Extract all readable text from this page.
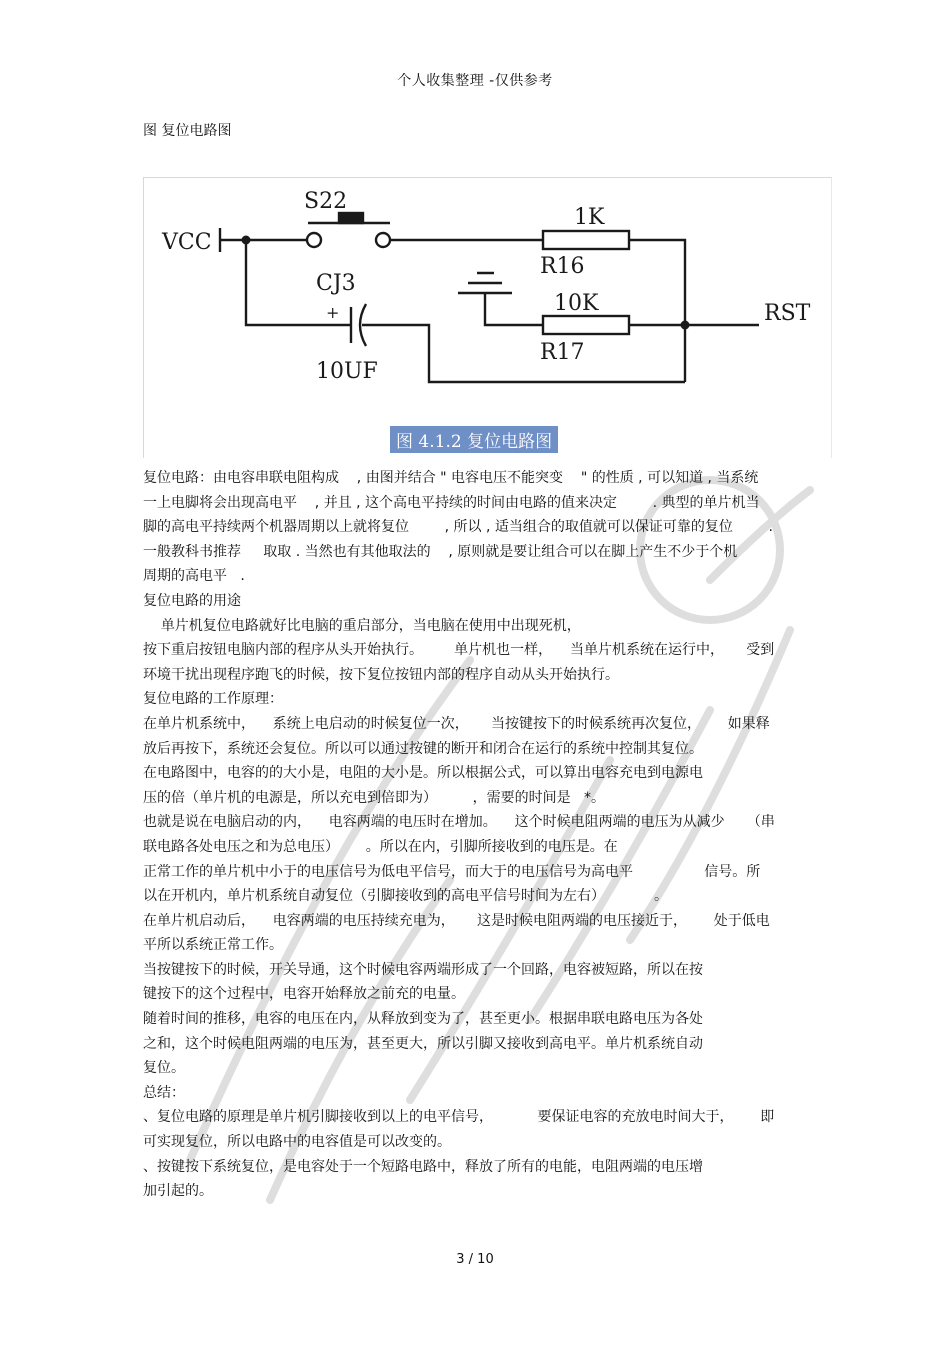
个人收集整理 -仅供参考
图 复位电路图
VCC
S22
CJ3
+
10UF
1K
R16
10K
R17
RST
图 4.1.2 复位电路图

复位电路：由电容串联电阻构成    , 由图并结合 " 电容电压不能突变    " 的性质 , 可以知道 , 当系统

一上电脚将会出现高电平    , 并且 , 这个高电平持续的时间由电路的值来决定        . 典型的单片机当

脚的高电平持续两个机器周期以上就将复位        , 所以 , 适当组合的取值就可以保证可靠的复位        .

一般教科书推荐     取取 . 当然也有其他取法的    , 原则就是要让组合可以在脚上产生不少于个机

周期的高电平   .

复位电路的用途

单片机复位电路就好比电脑的重启部分，当电脑在使用中出现死机，

按下重启按钮电脑内部的程序从头开始执行。       单片机也一样，    当单片机系统在运行中，     受到

环境干扰出现程序跑飞的时候，按下复位按钮内部的程序自动从头开始执行。

复位电路的工作原理：

在单片机系统中，    系统上电启动的时候复位一次，     当按键按下的时候系统再次复位，      如果释

放后再按下，系统还会复位。所以可以通过按键的断开和闭合在运行的系统中控制其复位。

在电路图中，电容的的大小是，电阻的大小是。所以根据公式，可以算出电容充电到电源电

压的倍（单片机的电源是，所以充电到倍即为）        ，需要的时间是   *。

也就是说在电脑启动的内，    电容两端的电压时在增加。    这个时候电阻两端的电压为从减少     （串

联电路各处电压之和为总电压）      。所以在内，引脚所接收到的电压是。在

正常工作的单片机中小于的电压信号为低电平信号，而大于的电压信号为高电平                信号。所

以在开机内，单片机系统自动复位（引脚接收到的高电平信号时间为左右）           。

在单片机启动后，    电容两端的电压持续充电为，     这是时候电阻两端的电压接近于，      处于低电

平所以系统正常工作。

当按键按下的时候，开关导通，这个时候电容两端形成了一个回路，电容被短路，所以在按

键按下的这个过程中，电容开始释放之前充的电量。

随着时间的推移，电容的电压在内，从释放到变为了，甚至更小。根据串联电路电压为各处

之和，这个时候电阻两端的电压为，甚至更大，所以引脚又接收到高电平。单片机系统自动

复位。

总结：

、复位电路的原理是单片机引脚接收到以上的电平信号，          要保证电容的充放电时间大于，      即

可实现复位，所以电路中的电容值是可以改变的。

、按键按下系统复位，是电容处于一个短路电路中，释放了所有的电能，电阻两端的电压增

加引起的。

3 / 10
